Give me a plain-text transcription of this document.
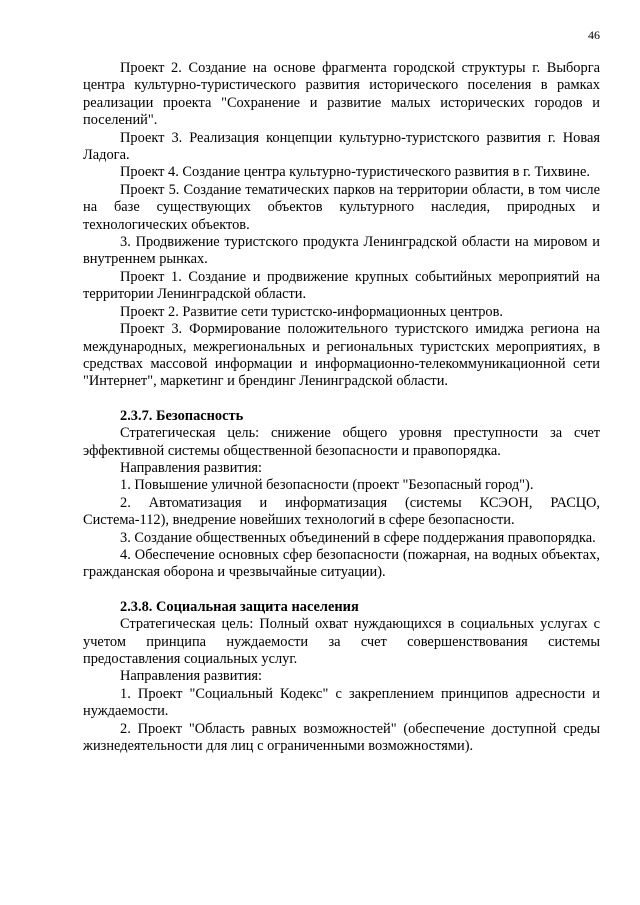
46

Проект 2. Создание на основе фрагмента городской структуры г. Выборга центра культурно-туристического развития исторического поселения в рамках реализации проекта "Сохранение и развитие малых исторических городов и поселений".

Проект 3. Реализация концепции культурно-туристского развития г. Новая Ладога.

Проект 4. Создание центра культурно-туристического развития в г. Тихвине.

Проект 5. Создание тематических парков на территории области, в том числе на базе существующих объектов культурного наследия, природных и технологических объектов.

3. Продвижение туристского продукта Ленинградской области на мировом и внутреннем рынках.

Проект 1. Создание и продвижение крупных событийных мероприятий на территории Ленинградской области.

Проект 2. Развитие сети туристско-информационных центров.

Проект 3. Формирование положительного туристского имиджа региона на международных, межрегиональных и региональных туристских мероприятиях, в средствах массовой информации и информационно-телекоммуникационной сети "Интернет", маркетинг и брендинг Ленинградской области.

2.3.7. Безопасность

Стратегическая цель: снижение общего уровня преступности за счет эффективной системы общественной безопасности и правопорядка.

Направления развития:

1. Повышение уличной безопасности (проект "Безопасный город").

2. Автоматизация и информатизация (системы КСЭОН, РАСЦО, Система-112), внедрение новейших технологий в сфере безопасности.

3. Создание общественных объединений в сфере поддержания правопорядка.

4. Обеспечение основных сфер безопасности (пожарная, на водных объектах, гражданская оборона и чрезвычайные ситуации).

2.3.8. Социальная защита населения

Стратегическая цель: Полный охват нуждающихся в социальных услугах с учетом принципа нуждаемости за счет совершенствования системы предоставления социальных услуг.

Направления развития:

1. Проект "Социальный Кодекс" с закреплением принципов адресности и нуждаемости.

2. Проект "Область равных возможностей" (обеспечение доступной среды жизнедеятельности для лиц с ограниченными возможностями).
